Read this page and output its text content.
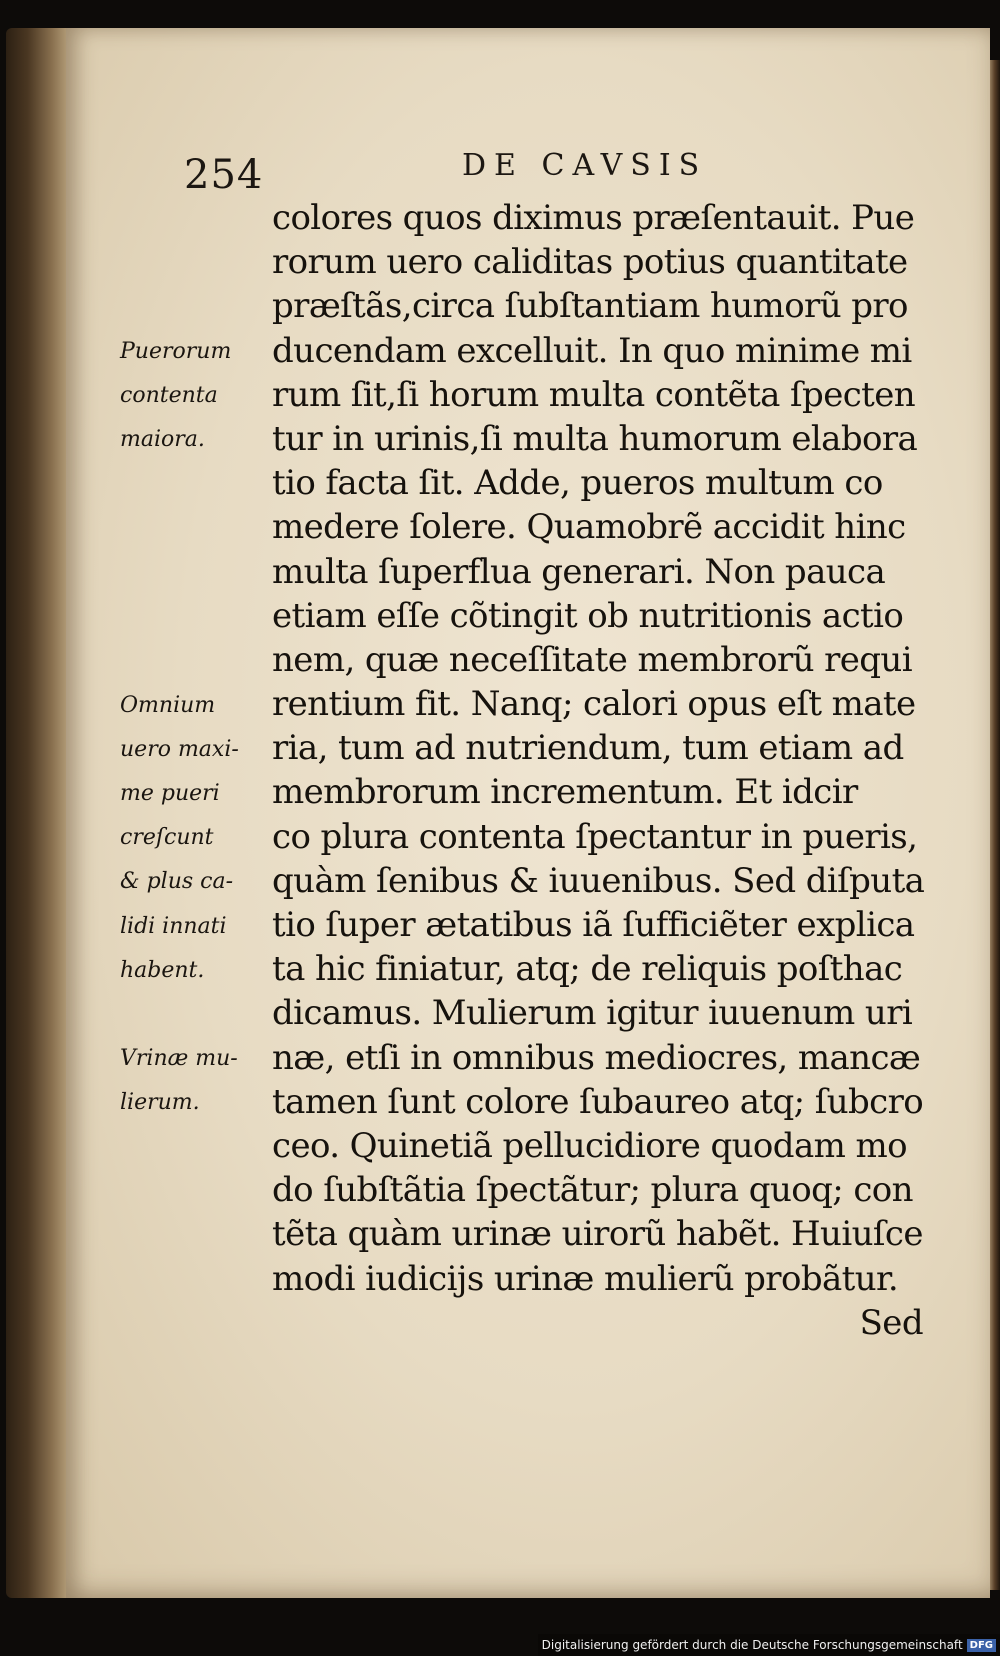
254	DE CAVSIS
colores quos diximus præſentauit. Pue
rorum uero caliditas potius quantitate
præſtãs,circa ſubſtantiam humorũ pro
ducendam excelluit. In quo minime mi
rum ſit,ſi horum multa contẽta ſpecten
tur in urinis,ſi multa humorum elabora
tio facta ſit. Adde, pueros multum co
medere ſolere. Quamobrẽ accidit hinc
multa ſuperflua generari. Non pauca
etiam eſſe cõtingit ob nutritionis actio
nem, quæ neceſſitate membrorũ requi
rentium fit. Nanq; calori opus eſt mate
ria, tum ad nutriendum, tum etiam ad
membrorum incrementum. Et idcir
co plura contenta ſpectantur in pueris,
quàm ſenibus & iuuenibus. Sed diſputa
tio ſuper ætatibus iã ſufficiẽter explica
ta hic finiatur, atq; de reliquis poſthac
dicamus. Mulierum igitur iuuenum uri
næ, etſi in omnibus mediocres, mancæ
tamen ſunt colore ſubaureo atq; ſubcro
ceo. Quinetiã pellucidiore quodam mo
do ſubſtãtia ſpectãtur; plura quoq; con
tẽta quàm urinæ uirorũ habẽt. Huiuſce
modi iudicijs urinæ mulierũ probãtur.
Sed
Puerorum
contenta
maiora.
Omnium
uero maxi-
me pueri
creſcunt
& plus ca-
lidi innati
habent.
Vrinæ mu-
lierum.
Digitalisierung gefördert durch die Deutsche Forschungsgemeinschaft DFG
